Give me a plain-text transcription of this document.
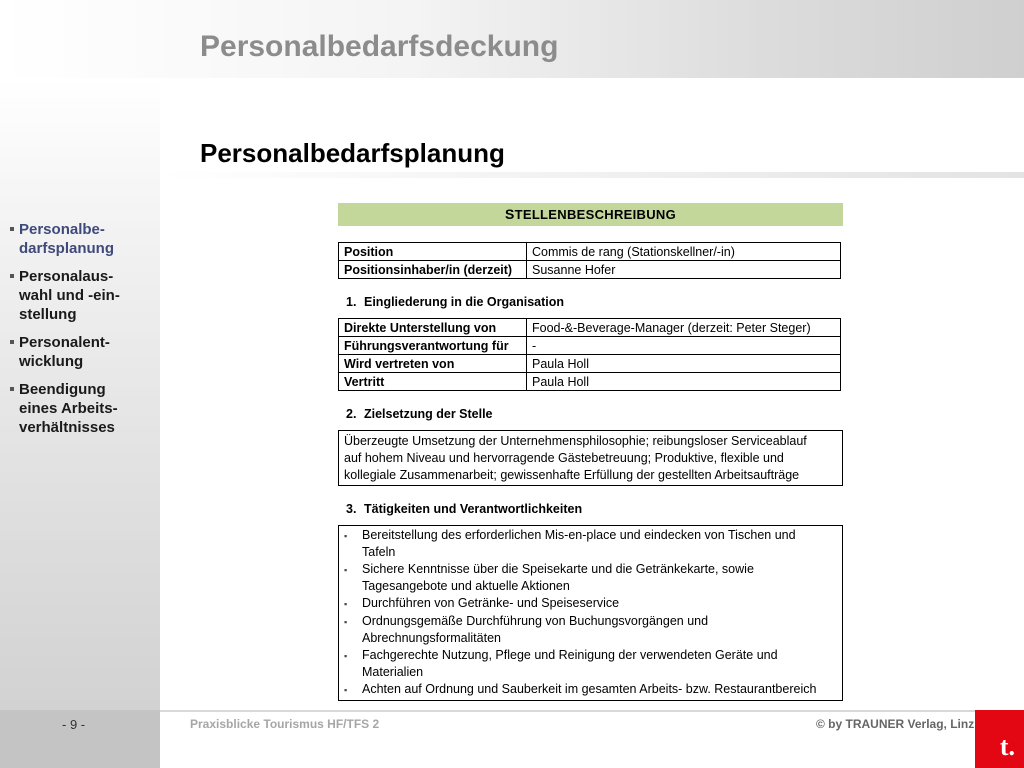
Personalbedarfsdeckung
Personalbedarfsplanung
Personalbe-
darfsplanung
Personalaus-
wahl und -ein-
stellung
Personalent-
wicklung
Beendigung
eines Arbeits-
verhältnisses
STELLENBESCHREIBUNG
Position	Commis de rang (Stationskellner/-in)
Positionsinhaber/in (derzeit)	Susanne Hofer
1. Eingliederung in die Organisation
Direkte Unterstellung von	Food-&-Beverage-Manager (derzeit: Peter Steger)
Führungsverantwortung für	-
Wird vertreten von	Paula Holl
Vertritt	Paula Holl
2. Zielsetzung der Stelle
Überzeugte Umsetzung der Unternehmensphilosophie; reibungsloser Serviceablauf
auf hohem Niveau und hervorragende Gästebetreuung; Produktive, flexible und
kollegiale Zusammenarbeit; gewissenhafte Erfüllung der gestellten Arbeitsaufträge
3. Tätigkeiten und Verantwortlichkeiten
▪	Bereitstellung des erforderlichen Mis-en-place und eindecken von Tischen und
Tafeln
▪	Sichere Kenntnisse über die Speisekarte und die Getränkekarte, sowie
Tagesangebote und aktuelle Aktionen
▪	Durchführen von Getränke- und Speiseservice
▪	Ordnungsgemäße Durchführung von Buchungsvorgängen und
Abrechnungsformalitäten
▪	Fachgerechte Nutzung, Pflege und Reinigung der verwendeten Geräte und
Materialien
▪	Achten auf Ordnung und Sauberkeit im gesamten Arbeits- bzw. Restaurantbereich
- 9 -	Praxisblicke Tourismus HF/TFS 2	© by TRAUNER Verlag, Linz
t.
